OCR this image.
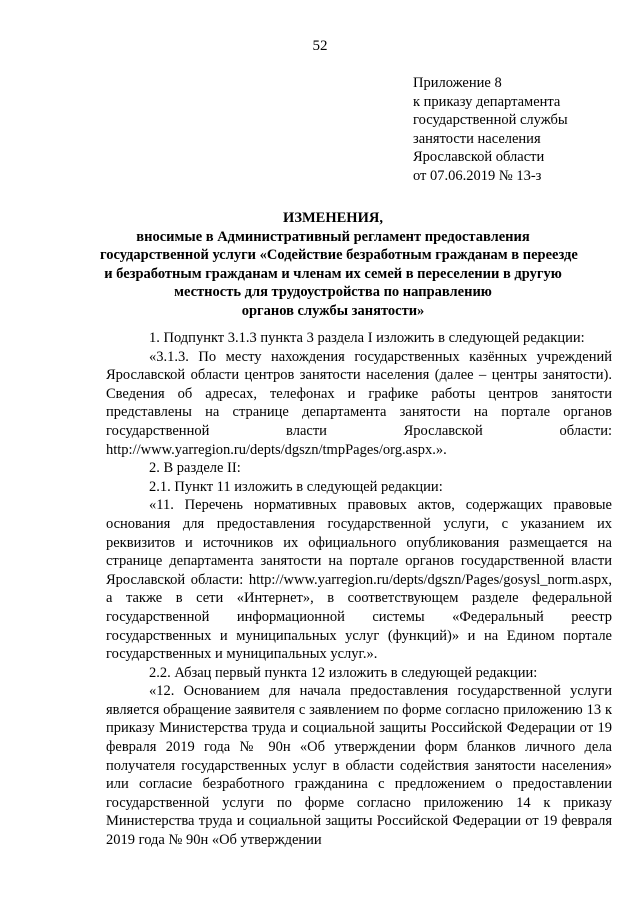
52
Приложение 8
к приказу департамента
государственной службы
занятости населения
Ярославской области
от 07.06.2019 № 13-з
ИЗМЕНЕНИЯ,
вносимые в Административный регламент предоставления
государственной услуги «Содействие безработным гражданам в переезде
и безработным гражданам и членам их семей в переселении в другую
местность для трудоустройства по направлению
органов службы занятости»

1. Подпункт 3.1.3 пункта 3 раздела I изложить в следующей редакции:

«3.1.3. По месту нахождения государственных казённых учреждений Ярославской области центров занятости населения (далее – центры занятости). Сведения об адресах, телефонах и графике работы центров занятости представлены на странице департамента занятости на портале органов государственной власти Ярославской области: http://www.yarregion.ru/depts/dgszn/tmpPages/org.aspx.».

2. В разделе II:

2.1. Пункт 11 изложить в следующей редакции:

«11. Перечень нормативных правовых актов, содержащих правовые основания для предоставления государственной услуги, с указанием их реквизитов и источников их официального опубликования размещается на странице департамента занятости на портале органов государственной власти Ярославской области: http://www.yarregion.ru/depts/dgszn/Pages/gosysl_norm.aspx, а также в сети «Интернет», в соответствующем разделе федеральной государственной информационной системы «Федеральный реестр государственных и муниципальных услуг (функций)» и на Едином портале государственных и муниципальных услуг.».

2.2. Абзац первый пункта 12 изложить в следующей редакции:

«12. Основанием для начала предоставления государственной услуги является обращение заявителя с заявлением по форме согласно приложению 13 к приказу Министерства труда и социальной защиты Российской Федерации от 19 февраля 2019 года № 90н «Об утверждении форм бланков личного дела получателя государственных услуг в области содействия занятости населения» или согласие безработного гражданина с предложением о предоставлении государственной услуги по форме согласно приложению 14 к приказу Министерства труда и социальной защиты Российской Федерации от 19 февраля 2019 года № 90н «Об утверждении
